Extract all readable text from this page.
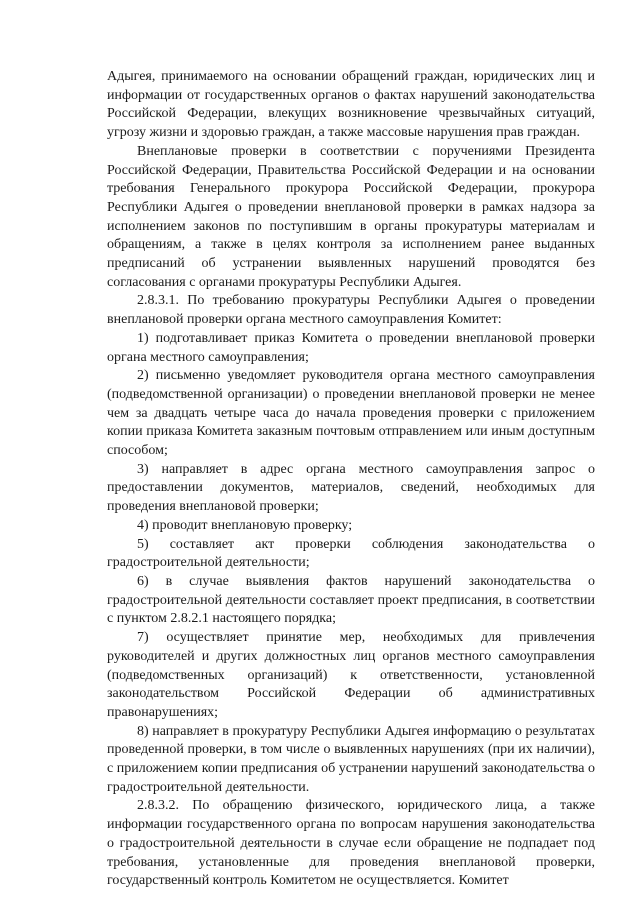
Адыгея, принимаемого на основании обращений граждан, юридических лиц и информации от государственных органов о фактах нарушений законодательства Российской Федерации, влекущих возникновение чрезвычайных ситуаций, угрозу жизни и здоровью граждан, а также массовые нарушения прав граждан.

Внеплановые проверки в соответствии с поручениями Президента Российской Федерации, Правительства Российской Федерации и на основании требования Генерального прокурора Российской Федерации, прокурора Республики Адыгея о проведении внеплановой проверки в рамках надзора за исполнением законов по поступившим в органы прокуратуры материалам и обращениям, а также в целях контроля за исполнением ранее выданных предписаний об устранении выявленных нарушений проводятся без согласования с органами прокуратуры Республики Адыгея.

2.8.3.1. По требованию прокуратуры Республики Адыгея о проведении внеплановой проверки органа местного самоуправления Комитет:

1) подготавливает приказ Комитета о проведении внеплановой проверки органа местного самоуправления;

2) письменно уведомляет руководителя органа местного самоуправления (подведомственной организации) о проведении внеплановой проверки не менее чем за двадцать четыре часа до начала проведения проверки с приложением копии приказа Комитета заказным почтовым отправлением или иным доступным способом;

3) направляет в адрес органа местного самоуправления запрос о предоставлении документов, материалов, сведений, необходимых для проведения внеплановой проверки;

4) проводит внеплановую проверку;

5) составляет акт проверки соблюдения законодательства о градостроительной деятельности;

6) в случае выявления фактов нарушений законодательства о градостроительной деятельности составляет проект предписания, в соответствии с пунктом 2.8.2.1 настоящего порядка;

7) осуществляет принятие мер, необходимых для привлечения руководителей и других должностных лиц органов местного самоуправления (подведомственных организаций) к ответственности, установленной законодательством Российской Федерации об административных правонарушениях;

8) направляет в прокуратуру Республики Адыгея информацию о результатах проведенной проверки, в том числе о выявленных нарушениях (при их наличии), с приложением копии предписания об устранении нарушений законодательства о градостроительной деятельности.

2.8.3.2. По обращению физического, юридического лица, а также информации государственного органа по вопросам нарушения законодательства о градостроительной деятельности в случае если обращение не подпадает под требования, установленные для проведения внеплановой проверки, государственный контроль Комитетом не осуществляется. Комитет
